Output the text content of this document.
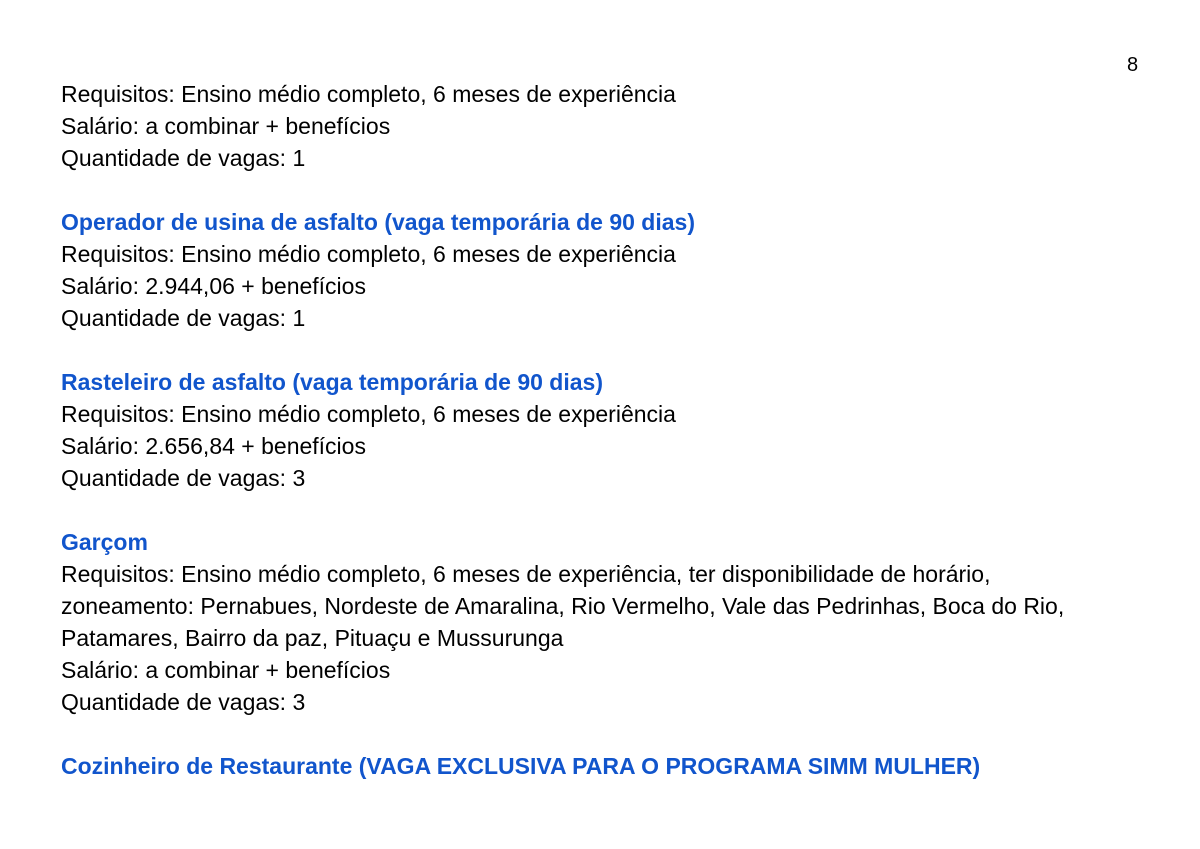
8

Requisitos: Ensino médio completo, 6 meses de experiência

Salário: a combinar + benefícios

Quantidade de vagas: 1

Operador de usina de asfalto (vaga temporária de 90 dias)

Requisitos: Ensino médio completo, 6 meses de experiência

Salário: 2.944,06 + benefícios

Quantidade de vagas: 1

Rasteleiro de asfalto (vaga temporária de 90 dias)

Requisitos: Ensino médio completo, 6 meses de experiência

Salário: 2.656,84 + benefícios

Quantidade de vagas: 3

Garçom

Requisitos: Ensino médio completo, 6 meses de experiência, ter disponibilidade de horário,

zoneamento: Pernabues, Nordeste de Amaralina, Rio Vermelho, Vale das Pedrinhas, Boca do Rio,

Patamares, Bairro da paz, Pituaçu e Mussurunga

Salário: a combinar + benefícios

Quantidade de vagas: 3

Cozinheiro de Restaurante (VAGA EXCLUSIVA PARA O PROGRAMA SIMM MULHER)
